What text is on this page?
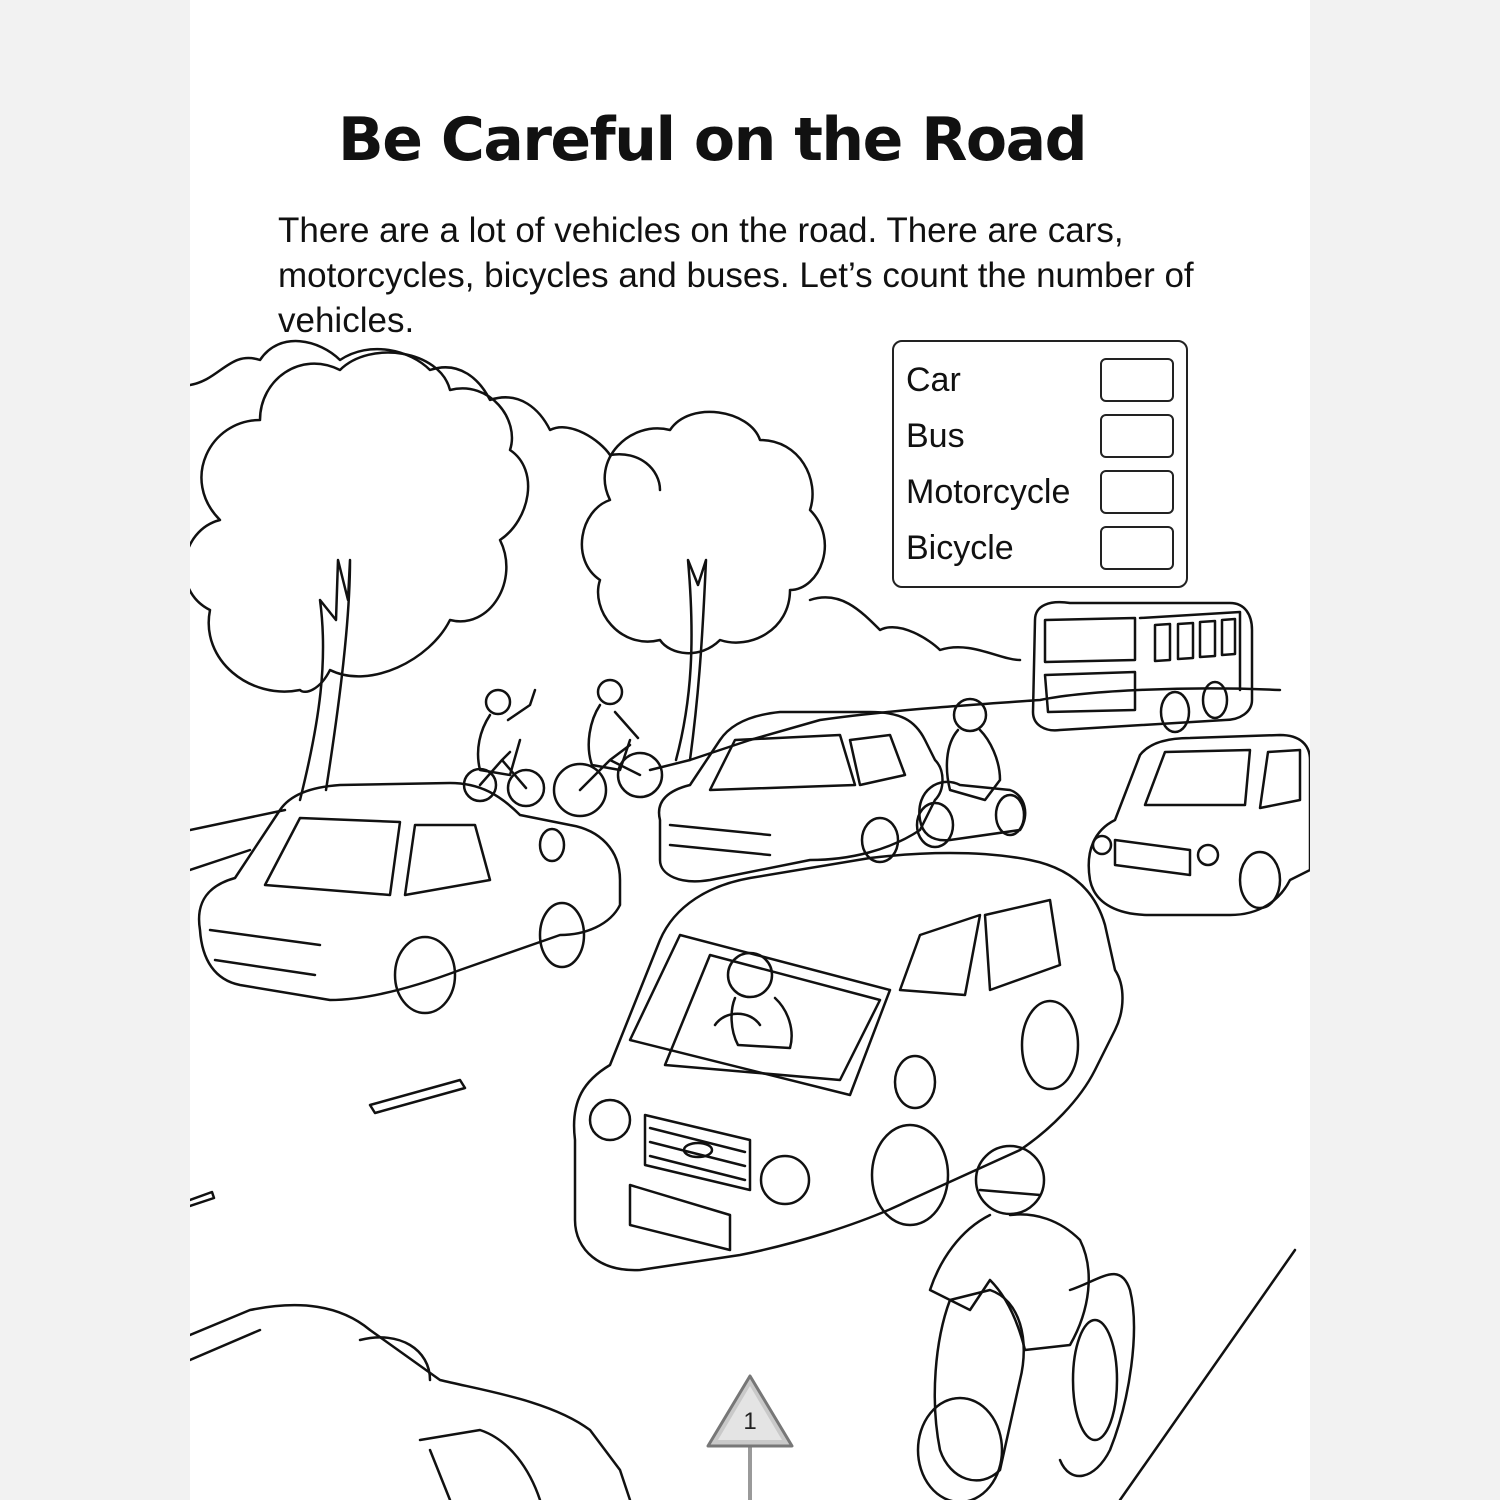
Be Careful on the Road

There are a lot of vehicles on the road. There are cars, motorcycles, bicycles and buses. Let’s count the number of vehicles.

Car
Bus
Motorcycle
Bicycle
1
